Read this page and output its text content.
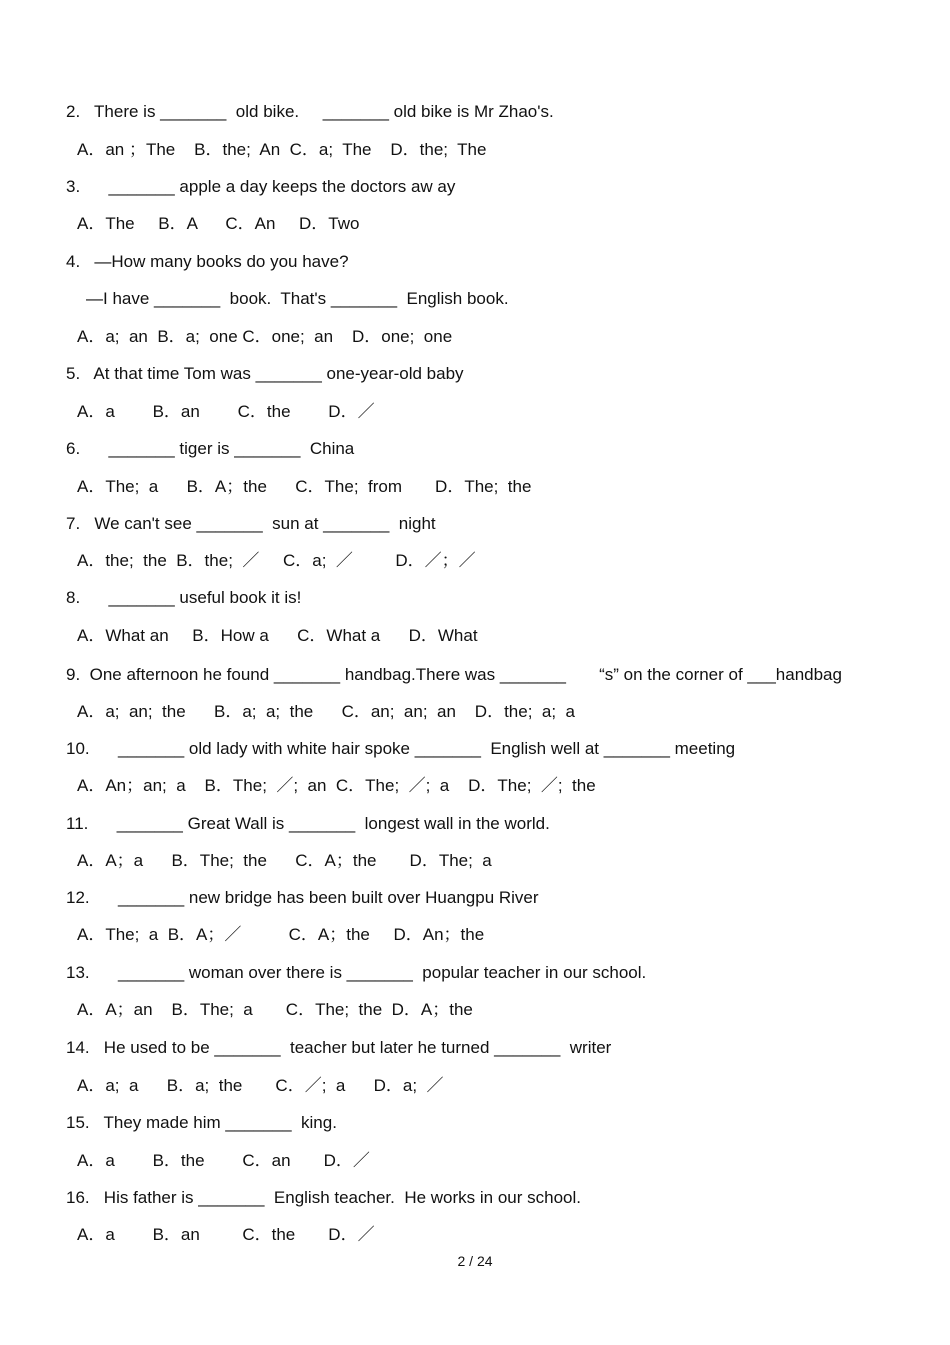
2.   There is _______  old bike.     _______ old bike is Mr Zhao's.
A．an ；The    B．the;  An  C．a;  The    D．the;  The
3.      _______ apple a day keeps the doctors aw ay
A．The     B．A      C．An     D．Two
4.   —How many books do you have?
—I have _______  book.  That's _______  English book.
A．a;  an  B．a;  one C．one;  an    D．one;  one
5.   At that time Tom was _______ one-year-old baby
A．a        B．an        C．the        D．／
6.      _______ tiger is _______  China
A．The;  a      B．A；the      C．The;  from       D．The;  the
7.   We can't see _______  sun at _______  night
A．the;  the  B．the;  ／     C．a;  ／         D．／；／
8.      _______ useful book it is!
A．What an     B．How a      C．What a      D．What
9.  One afternoon he found _______ handbag.There was _______       “s” on the corner of ___handbag
A．a;  an;  the      B．a;  a;  the      C．an;  an;  an    D．the;  a;  a
10.      _______ old lady with white hair spoke _______  English well at _______ meeting
A．An；an;  a    B．The;  ／;  an  C．The;  ／;  a    D．The;  ／;  the
11.      _______ Great Wall is _______  longest wall in the world.
A．A；a      B．The;  the      C．A；the       D．The;  a
12.      _______ new bridge has been built over Huangpu River
A．The;  a  B．A；／          C．A；the     D．An；the
13.      _______ woman over there is _______  popular teacher in our school.
A．A；an    B．The;  a       C．The;  the  D．A；the
14.   He used to be _______  teacher but later he turned _______  writer
A．a;  a      B．a;  the       C．／;  a      D．a;  ／
15.   They made him _______  king.
A．a        B．the        C．an       D．／
16.   His father is _______  English teacher.  He works in our school.
A．a        B．an         C．the       D．／
2 / 24
